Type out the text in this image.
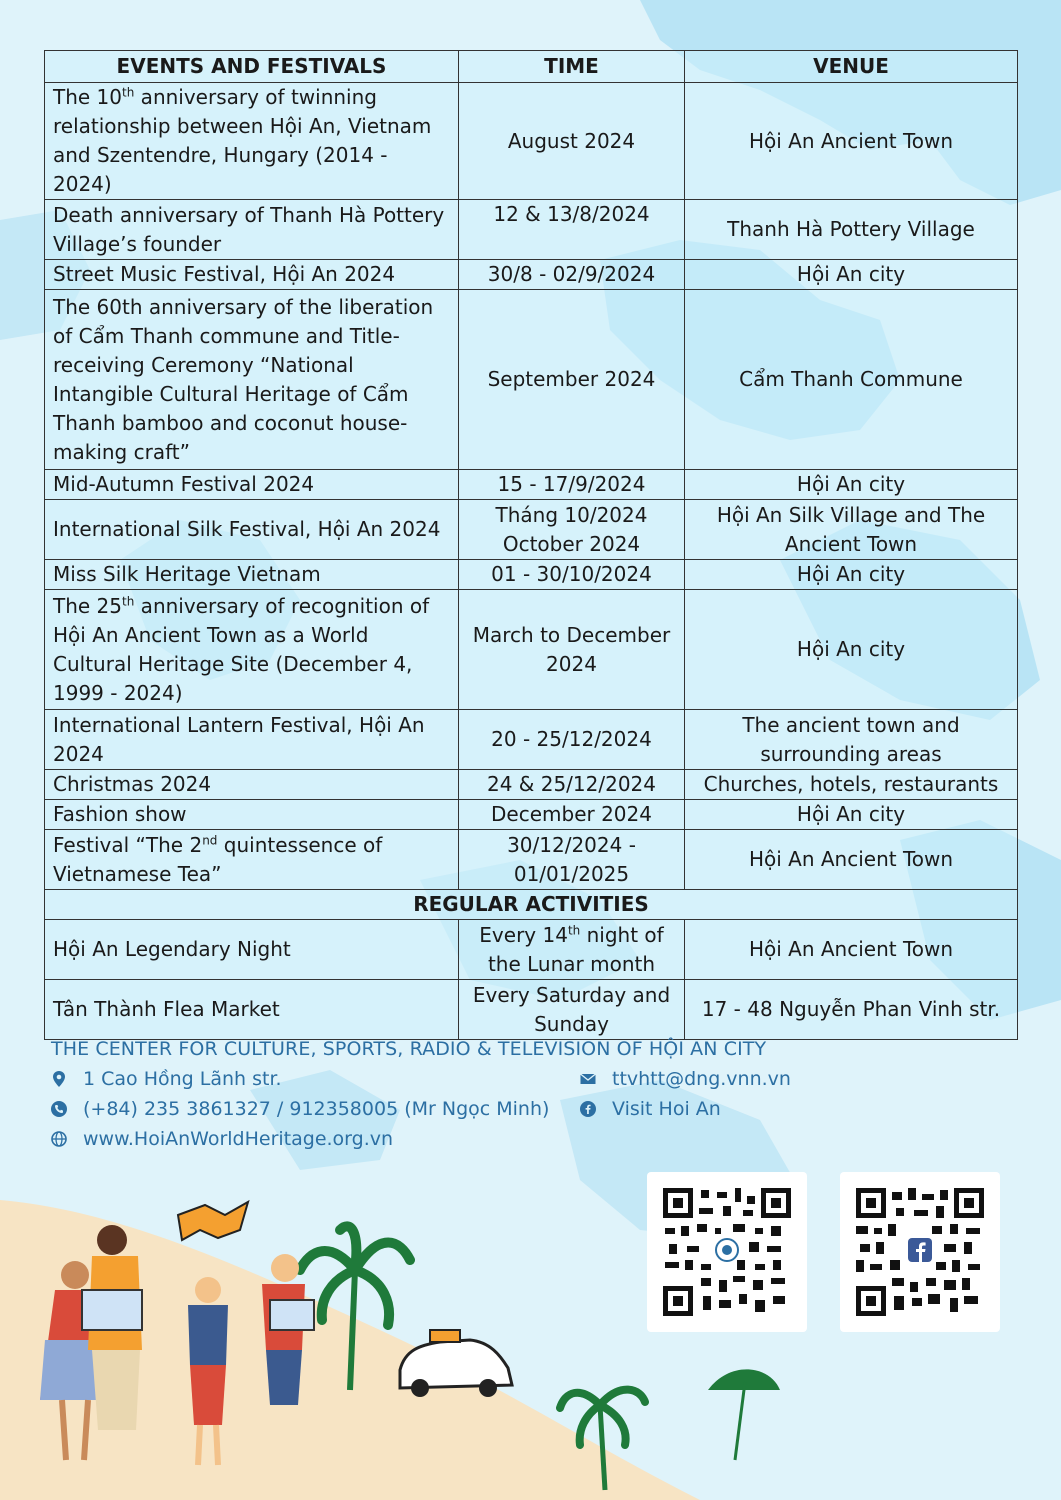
EVENTS AND FESTIVALS	TIME	VENUE
The 10th anniversary of twinning relationship between Hội An, Vietnam and Szentendre, Hungary (2014 - 2024)	August 2024	Hội An Ancient Town
Death anniversary of Thanh Hà Pottery Village’s founder	12 & 13/8/2024	Thanh Hà Pottery Village
Street Music Festival, Hội An 2024	30/8 - 02/9/2024	Hội An city
The 60th anniversary of the liberation of Cẩm Thanh commune and Title-receiving Ceremony “National Intangible Cultural Heritage of Cẩm Thanh bamboo and coconut house-making craft”	September 2024	Cẩm Thanh Commune
Mid-Autumn Festival 2024	15 - 17/9/2024	Hội An city
International Silk Festival, Hội An 2024	Tháng 10/2024 October 2024	Hội An Silk Village and The Ancient Town
Miss Silk Heritage Vietnam	01 - 30/10/2024	Hội An city
The 25th anniversary of recognition of Hội An Ancient Town as a World Cultural Heritage Site (December 4, 1999 - 2024)	March to December 2024	Hội An city
International Lantern Festival, Hội An 2024	20 - 25/12/2024	The ancient town and surrounding areas
Christmas 2024	24 & 25/12/2024	Churches, hotels, restaurants
Fashion show	December 2024	Hội An city
Festival “The 2nd quintessence of Vietnamese Tea”	30/12/2024 - 01/01/2025	Hội An Ancient Town
REGULAR ACTIVITIES		
Hội An Legendary Night	Every 14th night of the Lunar month	Hội An Ancient Town
Tân Thành Flea Market	Every Saturday and Sunday	17 - 48 Nguyễn Phan Vinh str.
THE CENTER FOR CULTURE, SPORTS, RADIO & TELEVISION OF HỘI AN CITY
1 Cao Hồng Lãnh str.
(+84) 235 3861327 / 912358005 (Mr Ngọc Minh)
www.HoiAnWorldHeritage.org.vn
ttvhtt@dng.vnn.vn
Visit Hoi An
